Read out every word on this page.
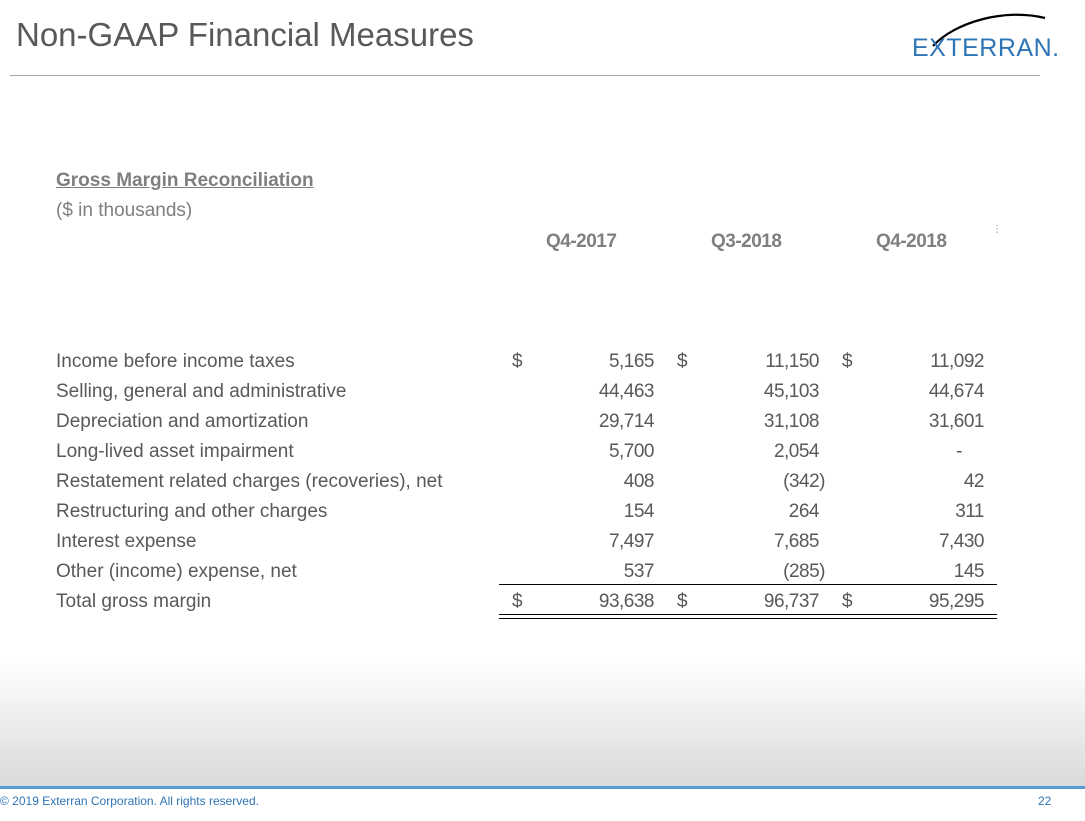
Non-GAAP Financial Measures	EXTERRAN.
Gross Margin Reconciliation
($ in thousands)
Q4-2017	Q3-2018	Q4-2018
⋮
Income before income taxes	$	5,165 $	11,150 $	11,092
Selling, general and administrative	44,463	45,103	44,674
Depreciation and amortization	29,714	31,108	31,601
Long-lived asset impairment	5,700	2,054	-
Restatement related charges (recoveries), net	408	(342)	42
Restructuring and other charges	154	264	311
Interest expense	7,497	7,685	7,430
Other (income) expense, net	537	(285)	145
Total gross margin	$	93,638 $	96,737 $	95,295
© 2019 Exterran Corporation. All rights reserved.	22
